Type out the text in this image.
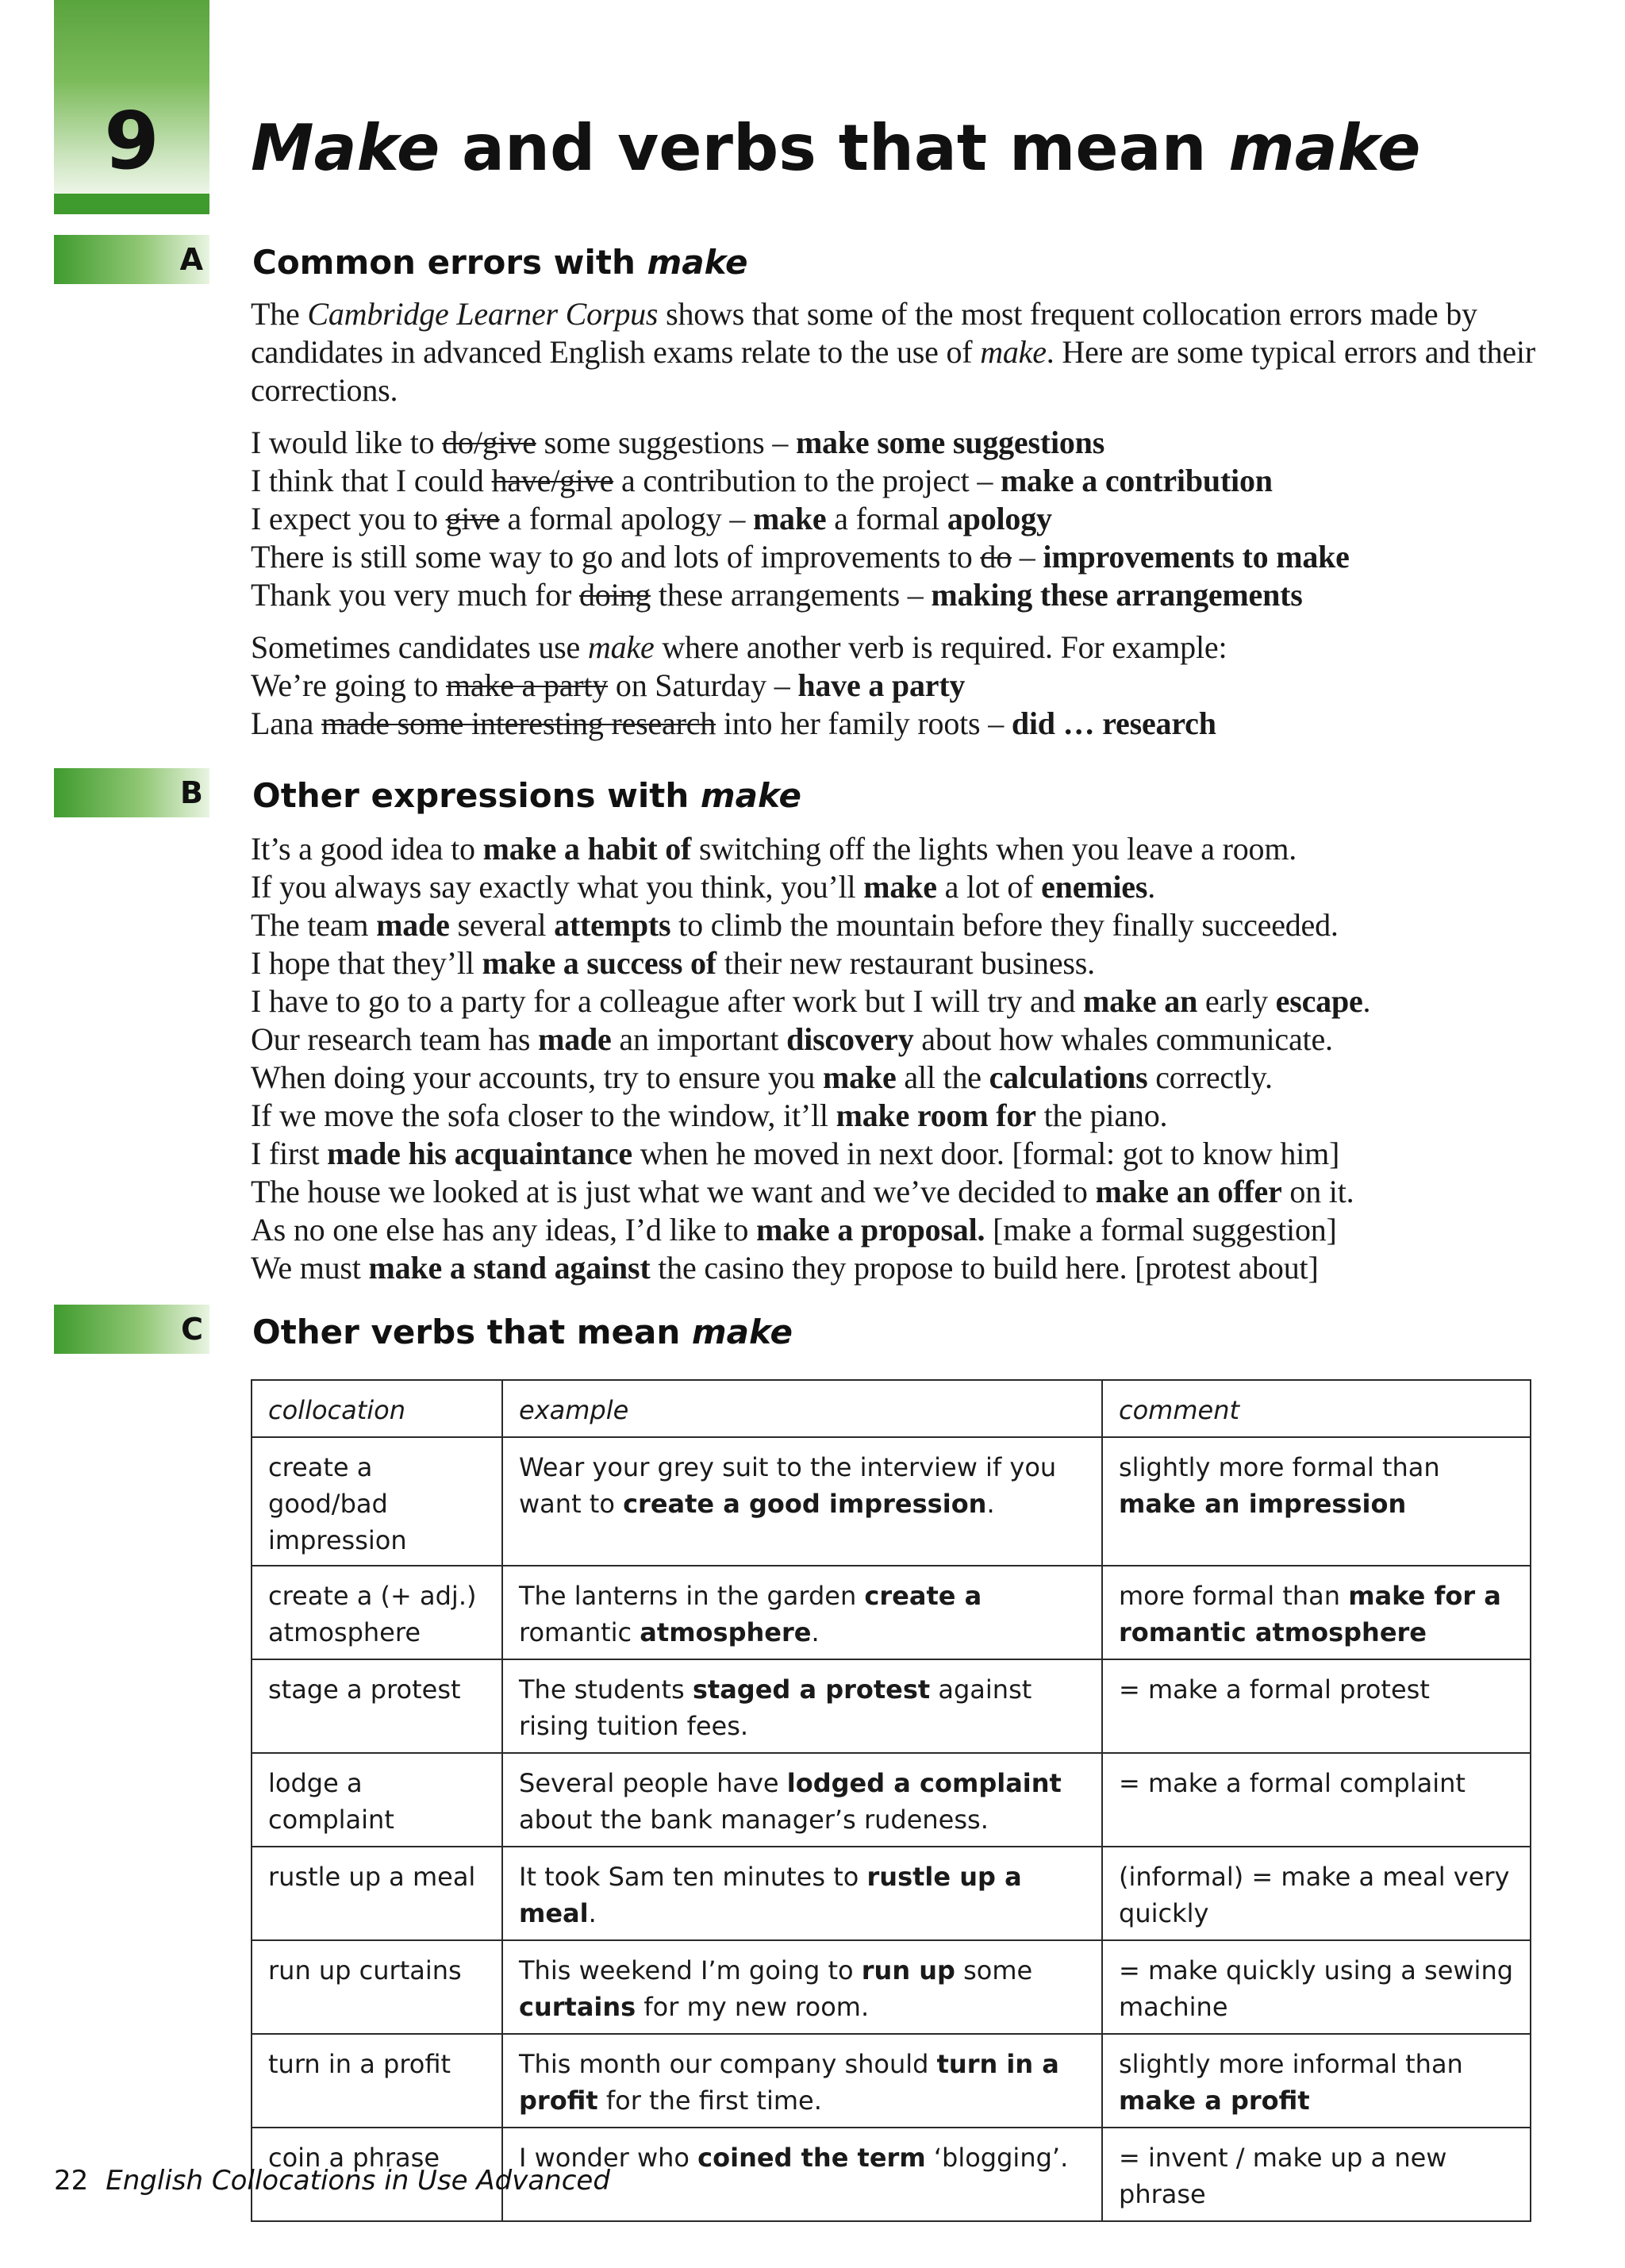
9	Make and verbs that mean make
A Common errors with make

The Cambridge Learner Corpus shows that some of the most frequent collocation errors made by candidates in advanced English exams relate to the use of make. Here are some typical errors and their corrections.

I would like to do/give some suggestions – make some suggestions
I think that I could have/give a contribution to the project – make a contribution
I expect you to give a formal apology – make a formal apology
There is still some way to go and lots of improvements to do – improvements to make
Thank you very much for doing these arrangements – making these arrangements
Sometimes candidates use make where another verb is required. For example:
We’re going to make a party on Saturday – have a party
Lana made some interesting research into her family roots – did … research
B Other expressions with make
It’s a good idea to make a habit of switching off the lights when you leave a room.
If you always say exactly what you think, you’ll make a lot of enemies.
The team made several attempts to climb the mountain before they finally succeeded.
I hope that they’ll make a success of their new restaurant business.
I have to go to a party for a colleague after work but I will try and make an early escape.
Our research team has made an important discovery about how whales communicate.
When doing your accounts, try to ensure you make all the calculations correctly.
If we move the sofa closer to the window, it’ll make room for the piano.
I first made his acquaintance when he moved in next door. [formal: got to know him]
The house we looked at is just what we want and we’ve decided to make an offer on it.
As no one else has any ideas, I’d like to make a proposal. [make a formal suggestion]
We must make a stand against the casino they propose to build here. [protest about]
C Other verbs that mean make
collocation	example	comment
create a good/bad impression	Wear your grey suit to the interview if you want to create a good impression.	slightly more formal than make an impression
create a (+ adj.) atmosphere	The lanterns in the garden create a romantic atmosphere.	more formal than make for a romantic atmosphere
stage a protest	The students staged a protest against rising tuition fees.	= make a formal protest
lodge a complaint	Several people have lodged a complaint about the bank manager’s rudeness.	= make a formal complaint
rustle up a meal	It took Sam ten minutes to rustle up a meal.	(informal) = make a meal very quickly
run up curtains	This weekend I’m going to run up some curtains for my new room.	= make quickly using a sewing machine
turn in a profit	This month our company should turn in a profit for the first time.	slightly more informal than make a profit
coin a phrase	I wonder who coined the term ‘blogging’.	= invent / make up a new phrase
22 English Collocations in Use Advanced
